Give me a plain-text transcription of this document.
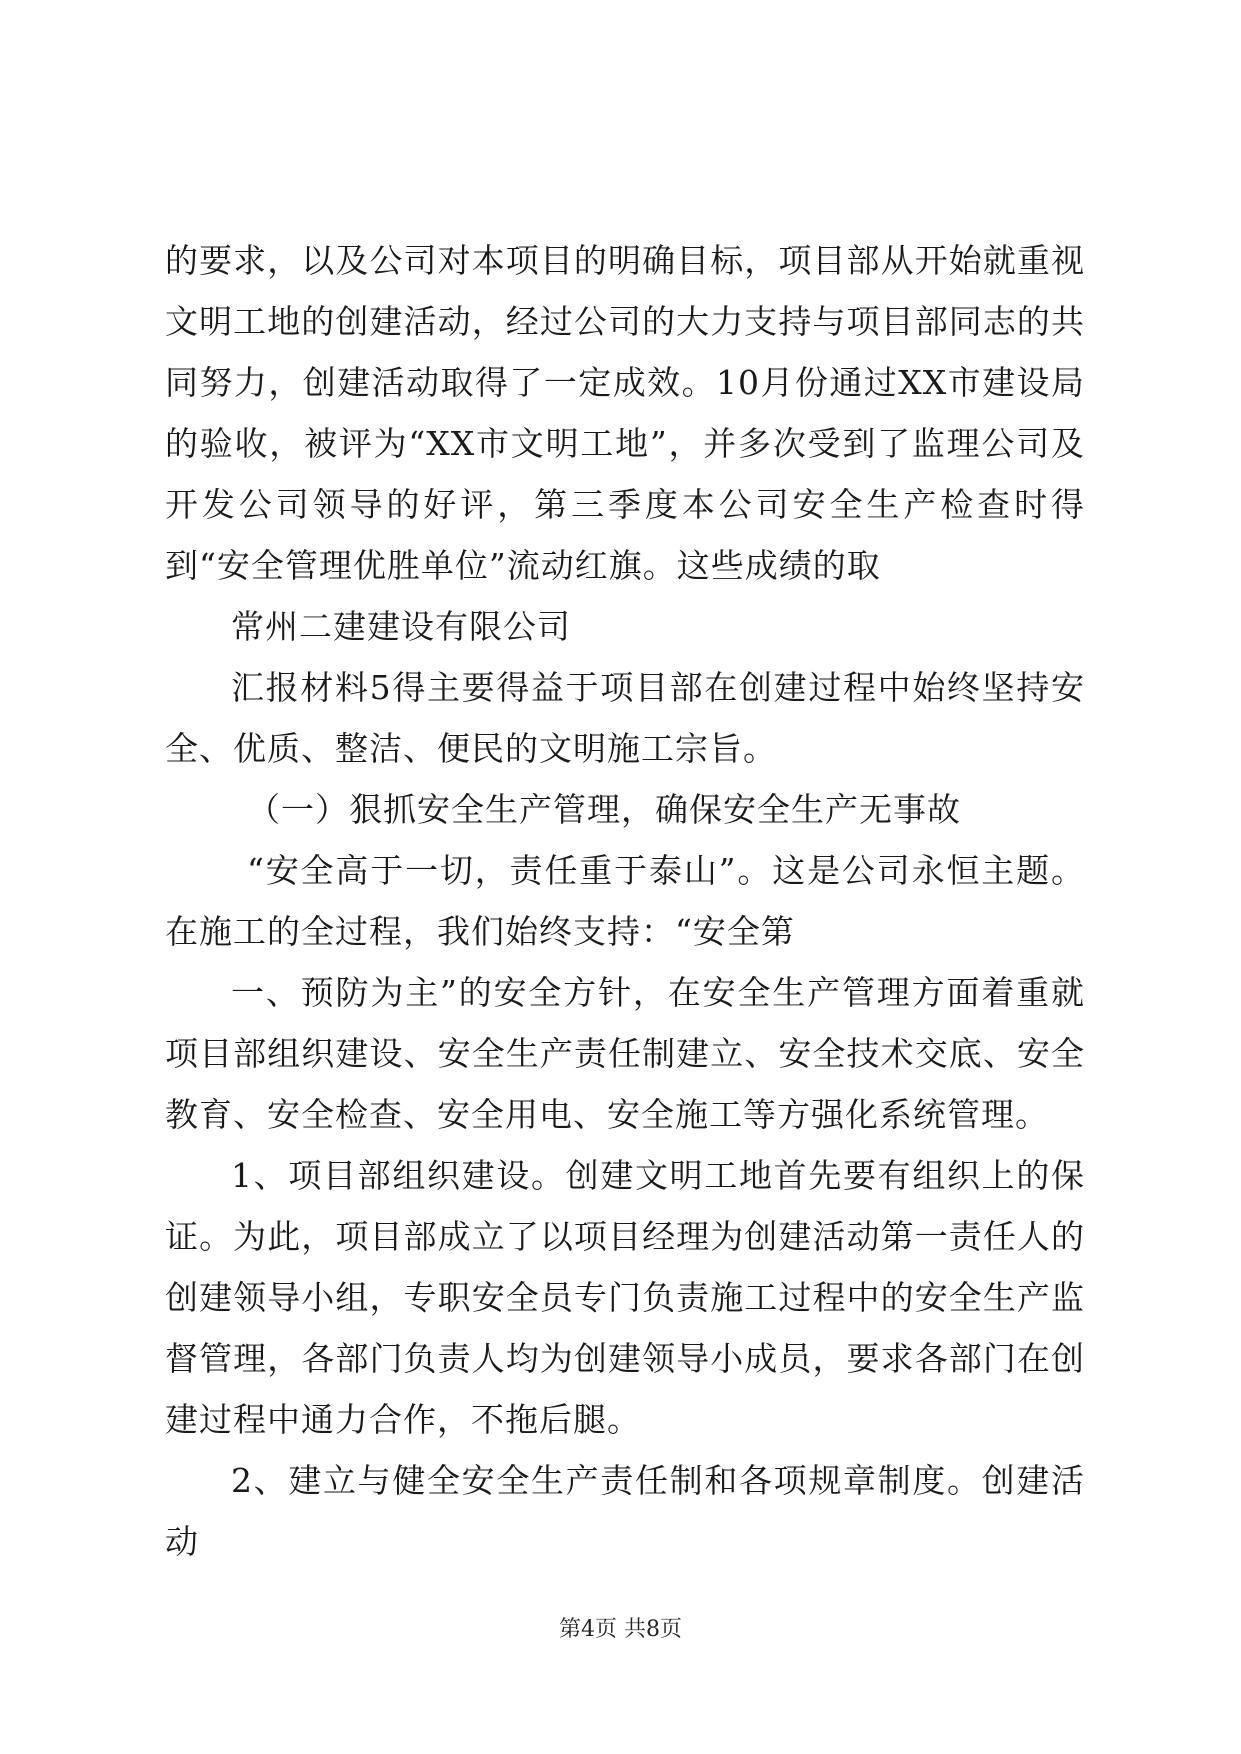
的要求，以及公司对本项目的明确目标，项目部从开始就重视文明工地的创建活动，经过公司的大力支持与项目部同志的共同努力，创建活动取得了一定成效。10月份通过XX市建设局的验收，被评为“XX市文明工地”，并多次受到了监理公司及开发公司领导的好评，第三季度本公司安全生产检查时得到“安全管理优胜单位”流动红旗。这些成绩的取

常州二建建设有限公司

汇报材料5得主要得益于项目部在创建过程中始终坚持安全、优质、整洁、便民的文明施工宗旨。

（一）狠抓安全生产管理，确保安全生产无事故

“安全高于一切，责任重于泰山”。这是公司永恒主题。在施工的全过程，我们始终支持：“安全第

一、预防为主”的安全方针，在安全生产管理方面着重就项目部组织建设、安全生产责任制建立、安全技术交底、安全教育、安全检查、安全用电、安全施工等方强化系统管理。

1、项目部组织建设。创建文明工地首先要有组织上的保证。为此，项目部成立了以项目经理为创建活动第一责任人的创建领导小组，专职安全员专门负责施工过程中的安全生产监督管理，各部门负责人均为创建领导小成员，要求各部门在创建过程中通力合作，不拖后腿。

2、建立与健全安全生产责任制和各项规章制度。创建活动

第4页 共8页
